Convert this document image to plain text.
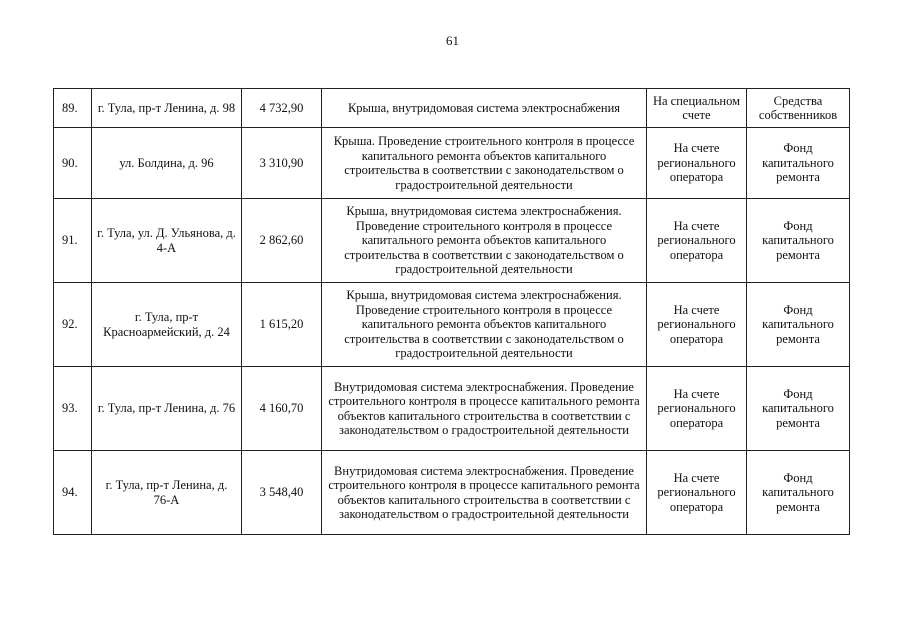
61
89.	г. Тула, пр-т Ленина, д. 98	4 732,90	Крыша, внутридомовая система электроснабжения	На специальном счете	Средства собственников
90.	ул. Болдина, д. 96	3 310,90	Крыша. Проведение строительного контроля в процессе капитального ремонта объектов капитального строительства в соответствии с законодательством о градостроительной деятельности	На счете регионального оператора	Фонд капитального ремонта
91.	г. Тула, ул. Д. Ульянова, д. 4-А	2 862,60	Крыша, внутридомовая система электроснабжения. Проведение строительного контроля в процессе капитального ремонта объектов капитального строительства в соответствии с законодательством о градостроительной деятельности	На счете регионального оператора	Фонд капитального ремонта
92.	г. Тула, пр-т Красноармейский, д. 24	1 615,20	Крыша, внутридомовая система электроснабжения. Проведение строительного контроля в процессе капитального ремонта объектов капитального строительства в соответствии с законодательством о градостроительной деятельности	На счете регионального оператора	Фонд капитального ремонта
93.	г. Тула, пр-т Ленина, д. 76	4 160,70	Внутридомовая система электроснабжения. Проведение строительного контроля в процессе капитального ремонта объектов капитального строительства в соответствии с законодательством о градостроительной деятельности	На счете регионального оператора	Фонд капитального ремонта
94.	г. Тула, пр-т Ленина, д. 76-А	3 548,40	Внутридомовая система электроснабжения. Проведение строительного контроля в процессе капитального ремонта объектов капитального строительства в соответствии с законодательством о градостроительной деятельности	На счете регионального оператора	Фонд капитального ремонта
